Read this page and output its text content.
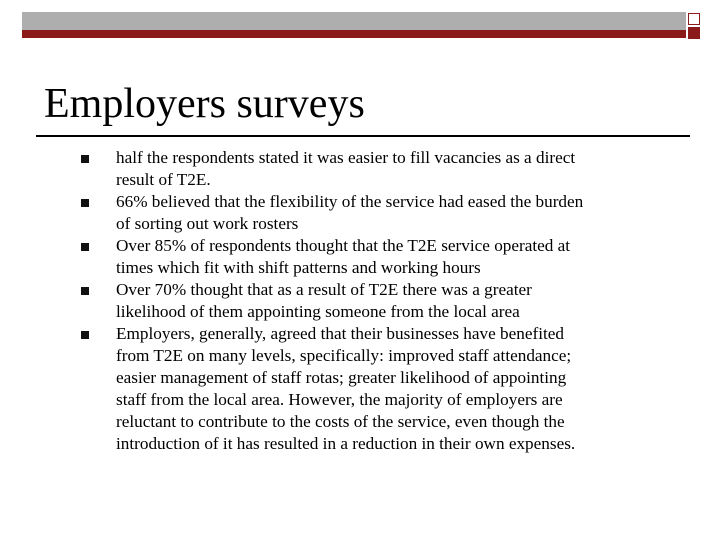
Employers surveys
half the respondents stated it was easier to fill vacancies as a direct
result of T2E.
66% believed that the flexibility of the service had eased the burden
of sorting out work rosters
Over 85% of respondents thought that the T2E service operated at
times which fit with shift patterns and working hours
Over 70% thought that as a result of T2E there was a greater
likelihood of them appointing someone from the local area
Employers, generally, agreed that their businesses have benefited
from T2E on many levels, specifically: improved staff attendance;
easier management of staff rotas; greater likelihood of appointing
staff from the local area. However, the majority of employers are
reluctant to contribute to the costs of the service, even though the
introduction of it has resulted in a reduction in their own expenses.
